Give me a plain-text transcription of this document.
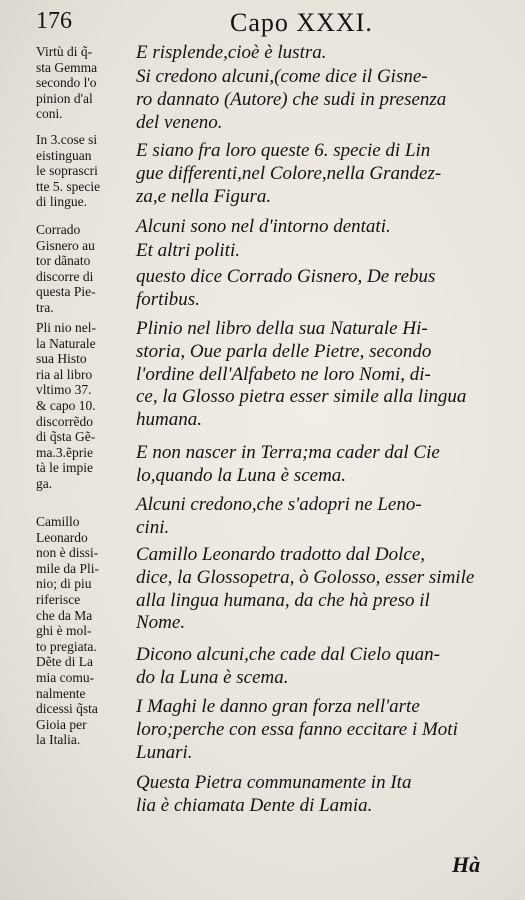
176	Capo XXXI.
Virtù di q̃-
sta Gemma
secondo l'o
pinion d'al
coni.
In 3.cose si
eistinguan
le soprascri
tte 5. specie
di lingue.
Corrado
Gisnero au
tor dãnato
discorre di
questa Pie-
tra.
Pli nio nel-
la Naturale
sua Histo
ria al libro
vltimo 37.
& capo 10.
discorrẽdo
di q̃sta Gẽ-
ma.3.ẽprie
tà le impie
ga.
Camillo
Leonardo
non è dissi-
mile da Pli-
nio; di piu
riferisce
che da Ma
ghi è mol-
to pregiata.
Dẽte di La
mia comu-
nalmente
dicessi q̃sta
Gioia per
la Italia.
E risplende,cioè è lustra.
Si credono alcuni,(come dice il Gisne-
ro dannato (Autore) che sudi in presenza
del veneno.
E siano fra loro queste 6. specie di Lin
gue differenti,nel Colore,nella Grandez-
za,e nella Figura.
Alcuni sono nel d'intorno dentati.
Et altri politi.
questo dice Corrado Gisnero, De rebus
fortibus.
Plinio nel libro della sua Naturale Hi-
storia, Oue parla delle Pietre, secondo
l'ordine dell'Alfabeto ne loro Nomi, di-
ce, la Glosso pietra esser simile alla lingua
humana.
E non nascer in Terra;ma cader dal Cie
lo,quando la Luna è scema.
Alcuni credono,che s'adopri ne Leno-
cini.
Camillo Leonardo tradotto dal Dolce,
dice, la Glossopetra, ò Golosso, esser simile
alla lingua humana, da che hà preso il
Nome.
Dicono alcuni,che cade dal Cielo quan-
do la Luna è scema.
I Maghi le danno gran forza nell'arte
loro;perche con essa fanno eccitare i Moti
Lunari.
Questa Pietra communamente in Ita
lia è chiamata Dente di Lamia.
Hà
